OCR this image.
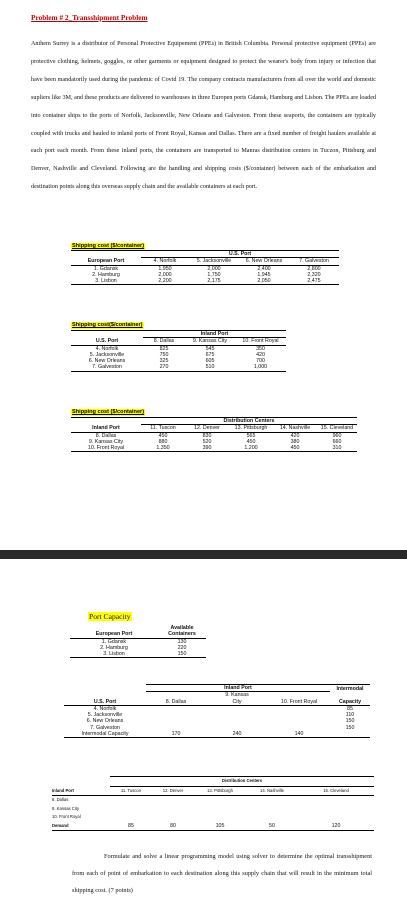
Problem # 2_Transshipment Problem
Anthem Surrey is a distributor of Personal Protective Equipement (PPEs) in British Columbia. Personal protective equipment (PPEs) are protective clothing, helmets, goggles, or other garments or equipment designed to protect the wearer's body from injury or infection that have been mandatorily used during the pandemic of Covid 19. The company contracts manufacturers from all over the world and domestic supliers like 3M, and these products are delivered to warehouses in three Europen ports Gdansk, Hamburg and Lisbon. The PPEs are loaded into container ships to the ports of Norfolk, Jacksonville, New Orleans and Galveston. From these seaports, the containers are typically coupled with trucks and hauled to inland ports of Front Royal, Kansas and Dallas. There are a fixed number of freight haulers available at each port each month. From these inland ports, the containers are transported to Manras distribution centers in Tuczon, Pittsburg and Denver, Nashville and Cleveland. Following are the handling and shipping costs ($/container) between each of the embarkation and destination points along this overseas supply chain and the available containers at each port.
Shipping cost ($/container)
	U.S. Port			
European Port	4. Norfolk	5. Jacksonville	6. New Orleans	7. Galveston
1. Gdansk	1,950	2,000	2,400	2,800
2. Hamburg	2,000	1,750	1,945	2,320
3. Lisbon	2,200	2,175	2,050	2,475
Shipping cost($/container)
	Inland Port		
U.S. Port	8. Dallas	9. Kansas City	10. Front Royal
4. Norfolk	825	545	350
5. Jacksonville	750	675	420
6. New Orleans	325	605	700
7. Galveston	270	510	1,000
Shipping cost ($/container)
	Distribution Centers				
Inland Port	11. Tuscon	12. Denver	13. Pittsburgh	14. Nashville	15. Cleveland
8. Dallas	450	830	565	420	960
9. Kansas City	880	520	450	380	660
10. Front Royal	1,350	390	1,200	450	310
Port Capacity
European Port	Available Containers
1. Gdansk	130
2. Hamburg	220
3. Lisbon	150
	Inland Port			Intermodal
		9. Kansas		
U.S. Port	8. Dallas	City	10. Front Royal	Capacity
4. Norfolk				85
5. Jacksonville				110
6. New Orleans				150
7. Galveston				150
Intermodal Capacity	170	240	140	
	Distribution Centers				
Inland Port	11. Tuscon	12. Denver	13. Pittsburgh	14. Nashville	15. Cleveland
8. Dallas					
9. Kansas City					
10. Front Royal					
Demand	85	80	105	50	120
Formulate and solve a linear programming model using solver to determine the optimal transshipment from each of point of embarkation to each destination along this supply chain that will result in the minimum total shipping cost. (7 points)
